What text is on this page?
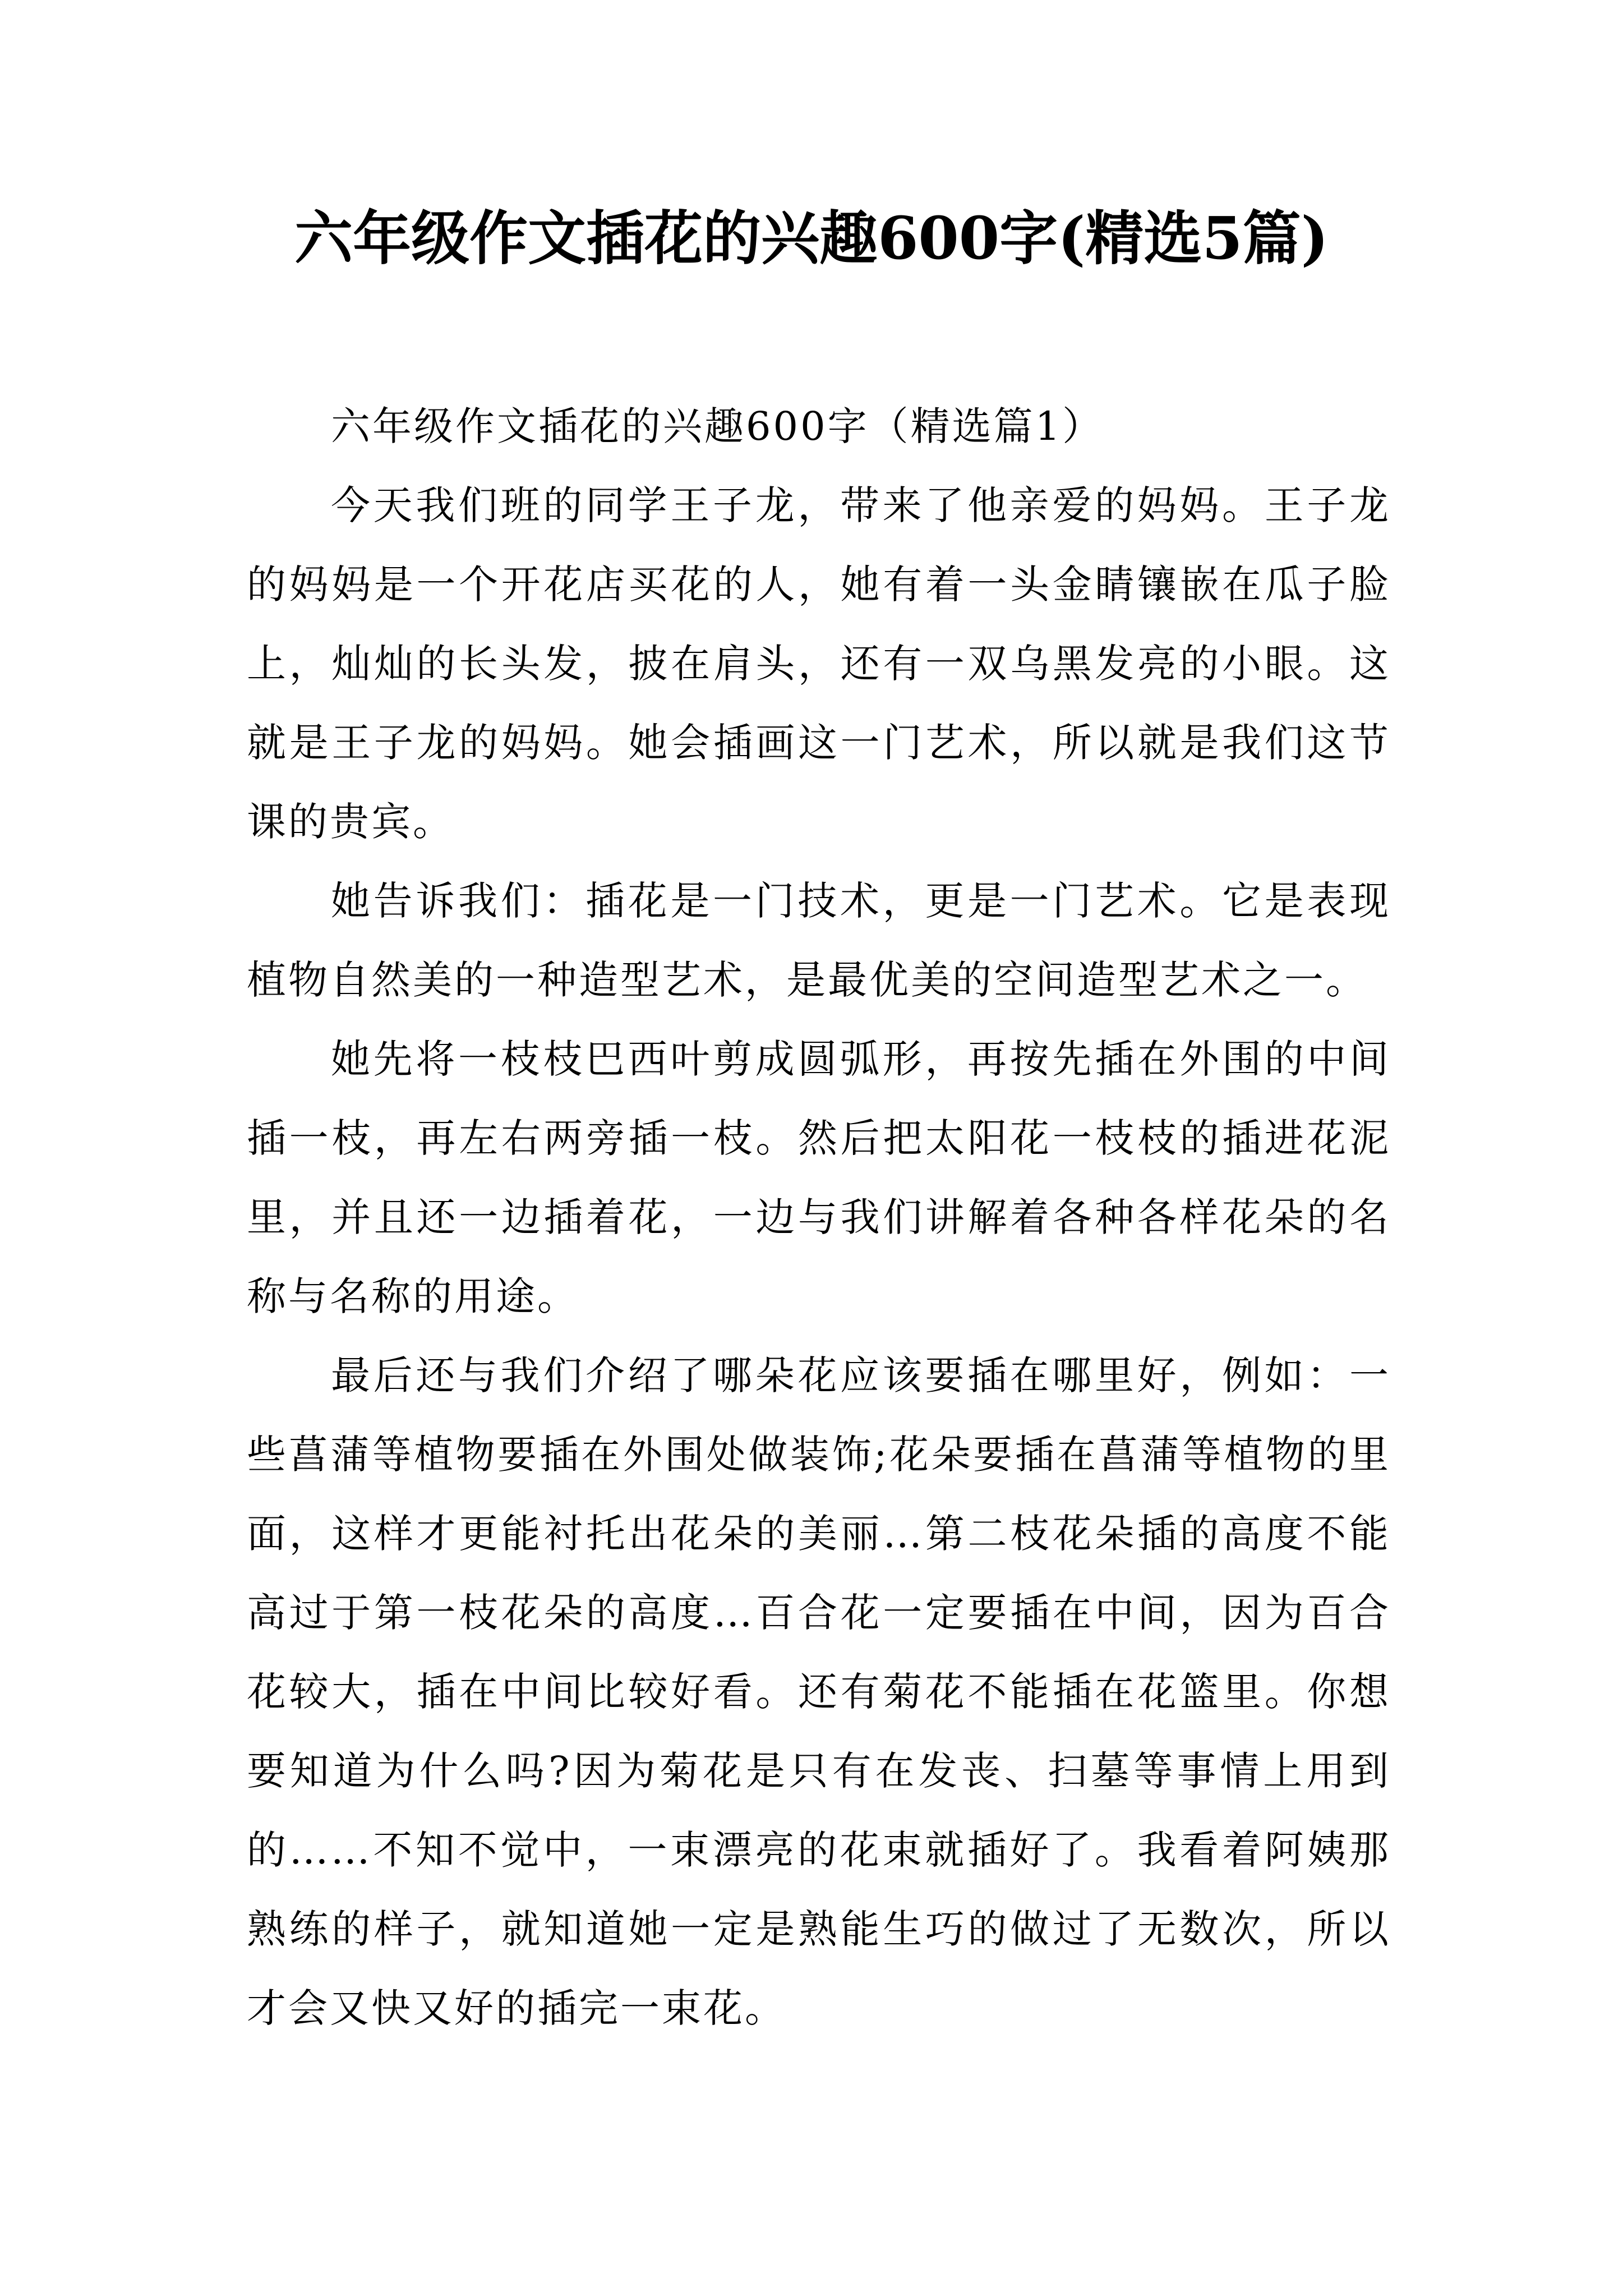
六年级作文插花的兴趣600字(精选5篇)

六年级作文插花的兴趣600字（精选篇1）

今天我们班的同学王子龙，带来了他亲爱的妈妈。王子龙的妈妈是一个开花店买花的人，她有着一头金睛镶嵌在瓜子脸上，灿灿的长头发，披在肩头，还有一双乌黑发亮的小眼。这就是王子龙的妈妈。她会插画这一门艺术，所以就是我们这节课的贵宾。

她告诉我们：插花是一门技术，更是一门艺术。它是表现植物自然美的一种造型艺术，是最优美的空间造型艺术之一。

她先将一枝枝巴西叶剪成圆弧形，再按先插在外围的中间插一枝，再左右两旁插一枝。然后把太阳花一枝枝的插进花泥里，并且还一边插着花，一边与我们讲解着各种各样花朵的名称与名称的用途。

最后还与我们介绍了哪朵花应该要插在哪里好，例如：一些菖蒲等植物要插在外围处做装饰;花朵要插在菖蒲等植物的里面，这样才更能衬托出花朵的美丽…第二枝花朵插的高度不能高过于第一枝花朵的高度…百合花一定要插在中间，因为百合花较大，插在中间比较好看。还有菊花不能插在花篮里。你想要知道为什么吗?因为菊花是只有在发丧、扫墓等事情上用到的……不知不觉中，一束漂亮的花束就插好了。我看着阿姨那熟练的样子，就知道她一定是熟能生巧的做过了无数次，所以才会又快又好的插完一束花。
